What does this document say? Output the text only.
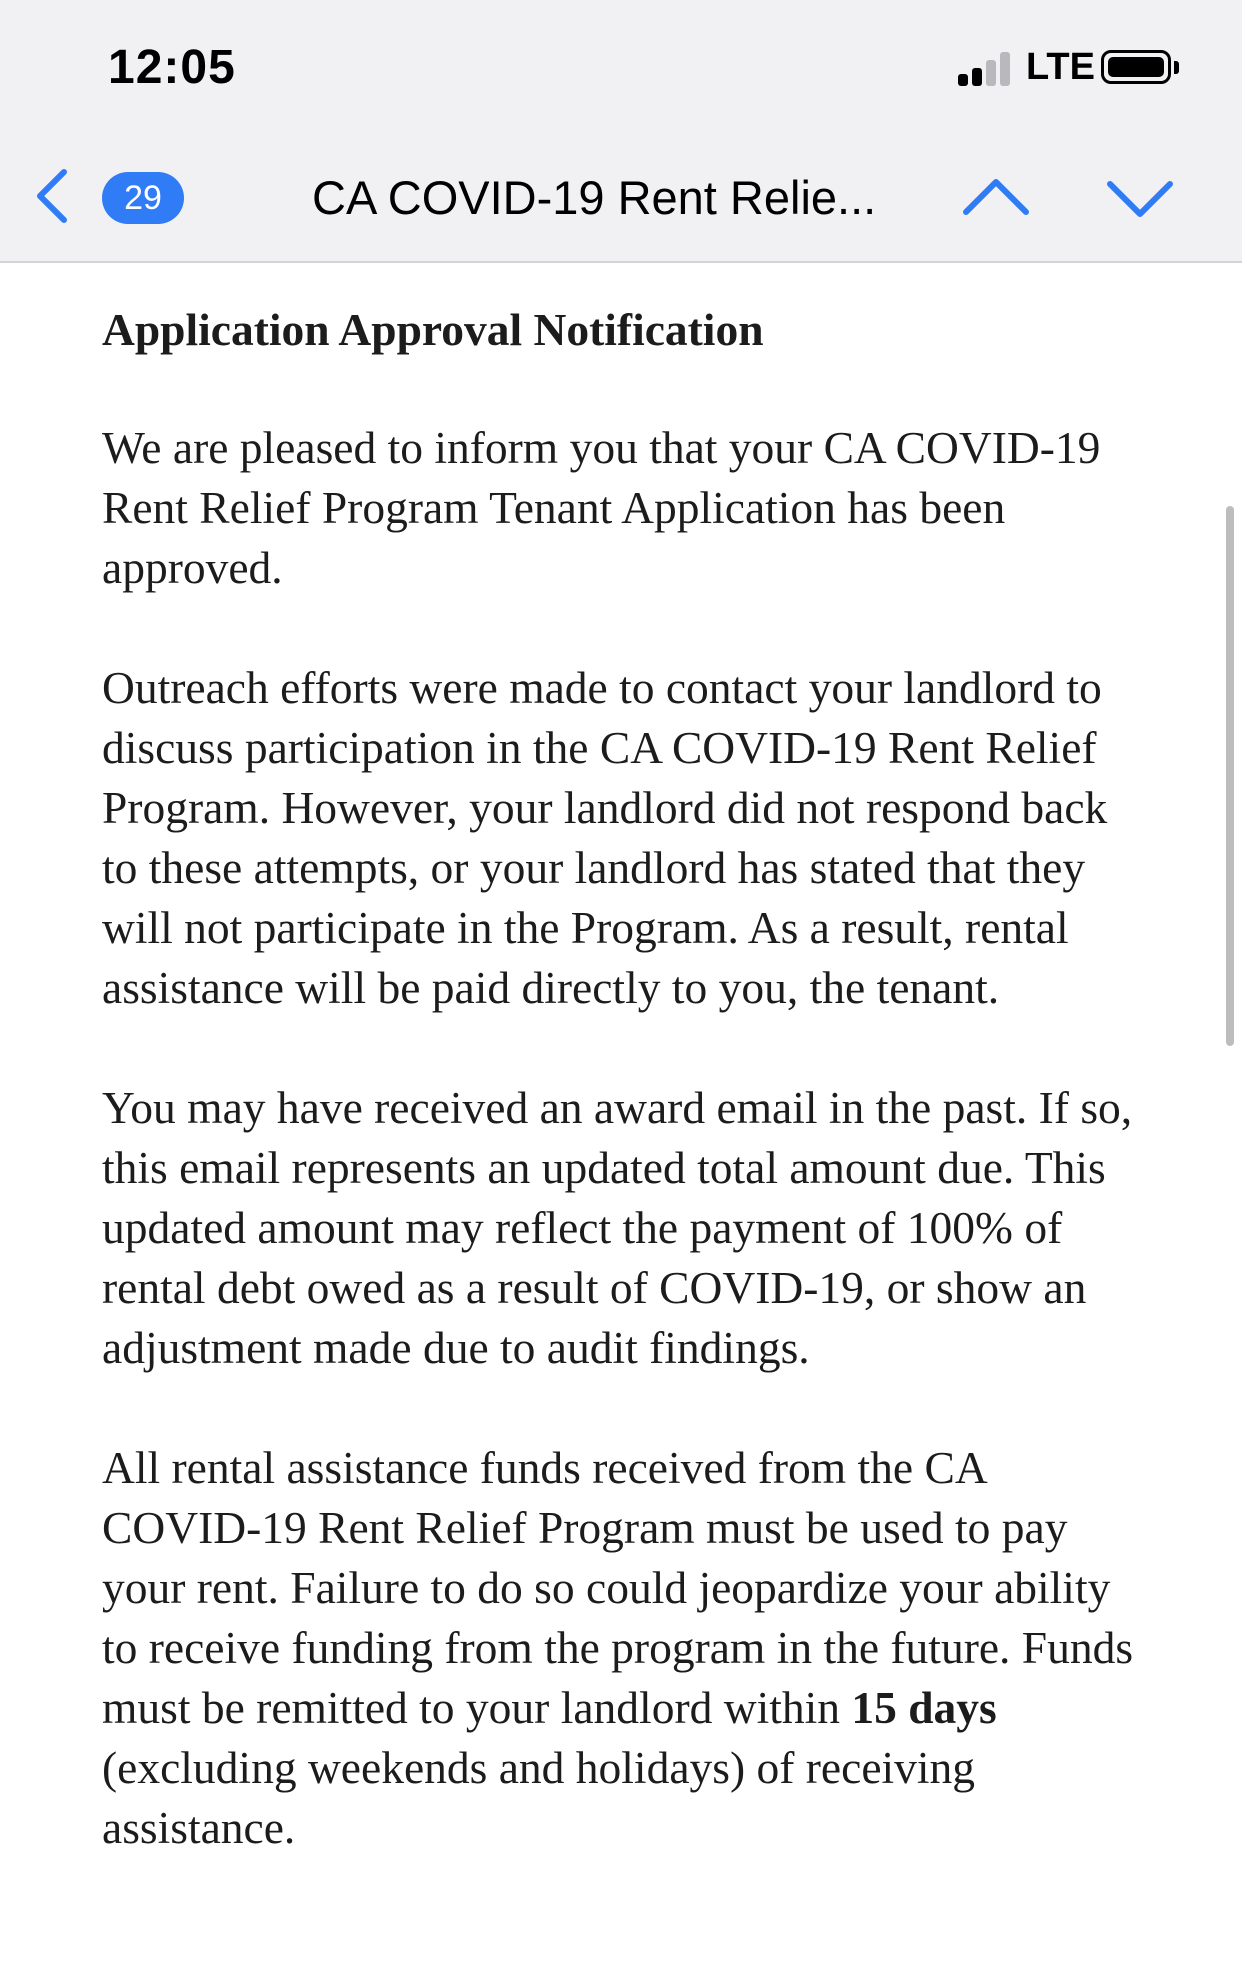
12:05	LTE
29	CA COVID-19 Rent Relie...
Application Approval Notification

We are pleased to inform you that your CA COVID-19 Rent Relief Program Tenant Application has been approved.

Outreach efforts were made to contact your landlord to discuss participation in the CA COVID-19 Rent Relief Program. However, your landlord did not respond back to these attempts, or your landlord has stated that they will not participate in the Program. As a result, rental assistance will be paid directly to you, the tenant.

You may have received an award email in the past. If so, this email represents an updated total amount due. This updated amount may reflect the payment of 100% of rental debt owed as a result of COVID-19, or show an adjustment made due to audit findings.

All rental assistance funds received from the CA COVID-19 Rent Relief Program must be used to pay your rent. Failure to do so could jeopardize your ability to receive funding from the program in the future. Funds must be remitted to your landlord within 15 days (excluding weekends and holidays) of receiving assistance.
